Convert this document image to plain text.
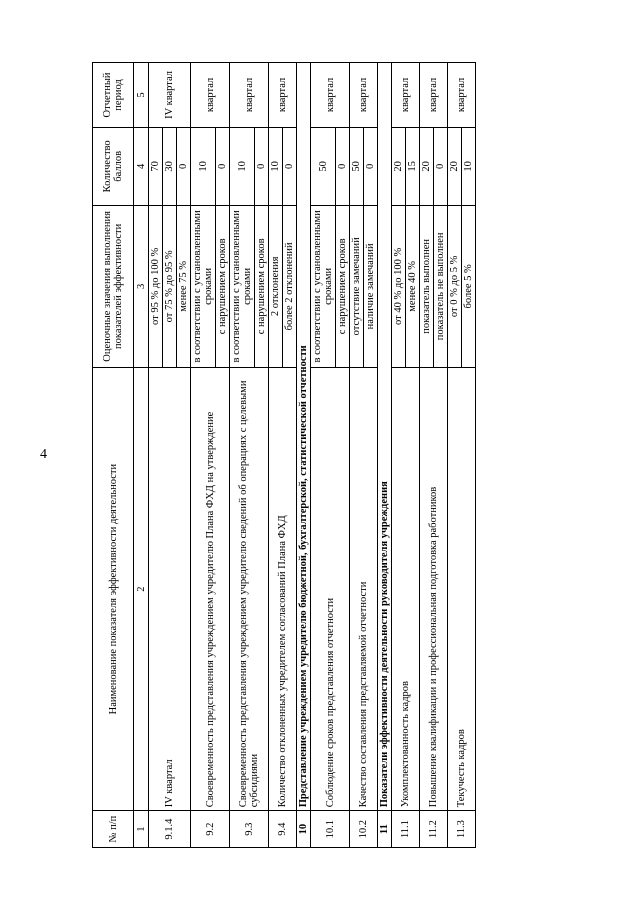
4
№ п/п	Наименование показателя эффективности деятельности	Оценочные значения выполнения показателей эффективности	Количество баллов	Отчетный период
1	2	3	4	5
9.1.4	IV квартал	от 95 % до 100 %	70	IV квартал
		от 75 % до 95 %	30	
		менее 75 %	0	
9.2	Своевременность представления учреждением учредителю Плана ФХД на утверждение	в соответствии с установленными сроками	10	квартал
		с нарушением сроков	0	
9.3	Своевременность представления учреждением учредителю сведений об операциях с целевыми субсидиями	в соответствии с установленными сроками	10	квартал
		с нарушением сроков	0	
9.4	Количество отклоненных учредителем согласований Плана ФХД	2 отклонения	10	квартал
		более 2 отклонений	0	
10	Представление учреждением учредителю бюджетной, бухгалтерской, статистической отчетности			
10.1	Соблюдение сроков представления отчетности	в соответствии с установленными сроками	50	квартал
		с нарушением сроков	0	
10.2	Качество составления представляемой отчетности	отсутствие замечаний	50	квартал
		наличие замечаний	0	
11	Показатели эффективности деятельности руководителя учреждения			
11.1	Укомплектованность кадров	от 40 % до 100 %	20	квартал
		менее 40 %	15	
11.2	Повышение квалификации и профессиональная подготовка работников	показатель выполнен	20	квартал
		показатель не выполнен	0	
11.3	Текучесть кадров	от 0 % до 5 %	20	квартал
		более 5 %	10	
